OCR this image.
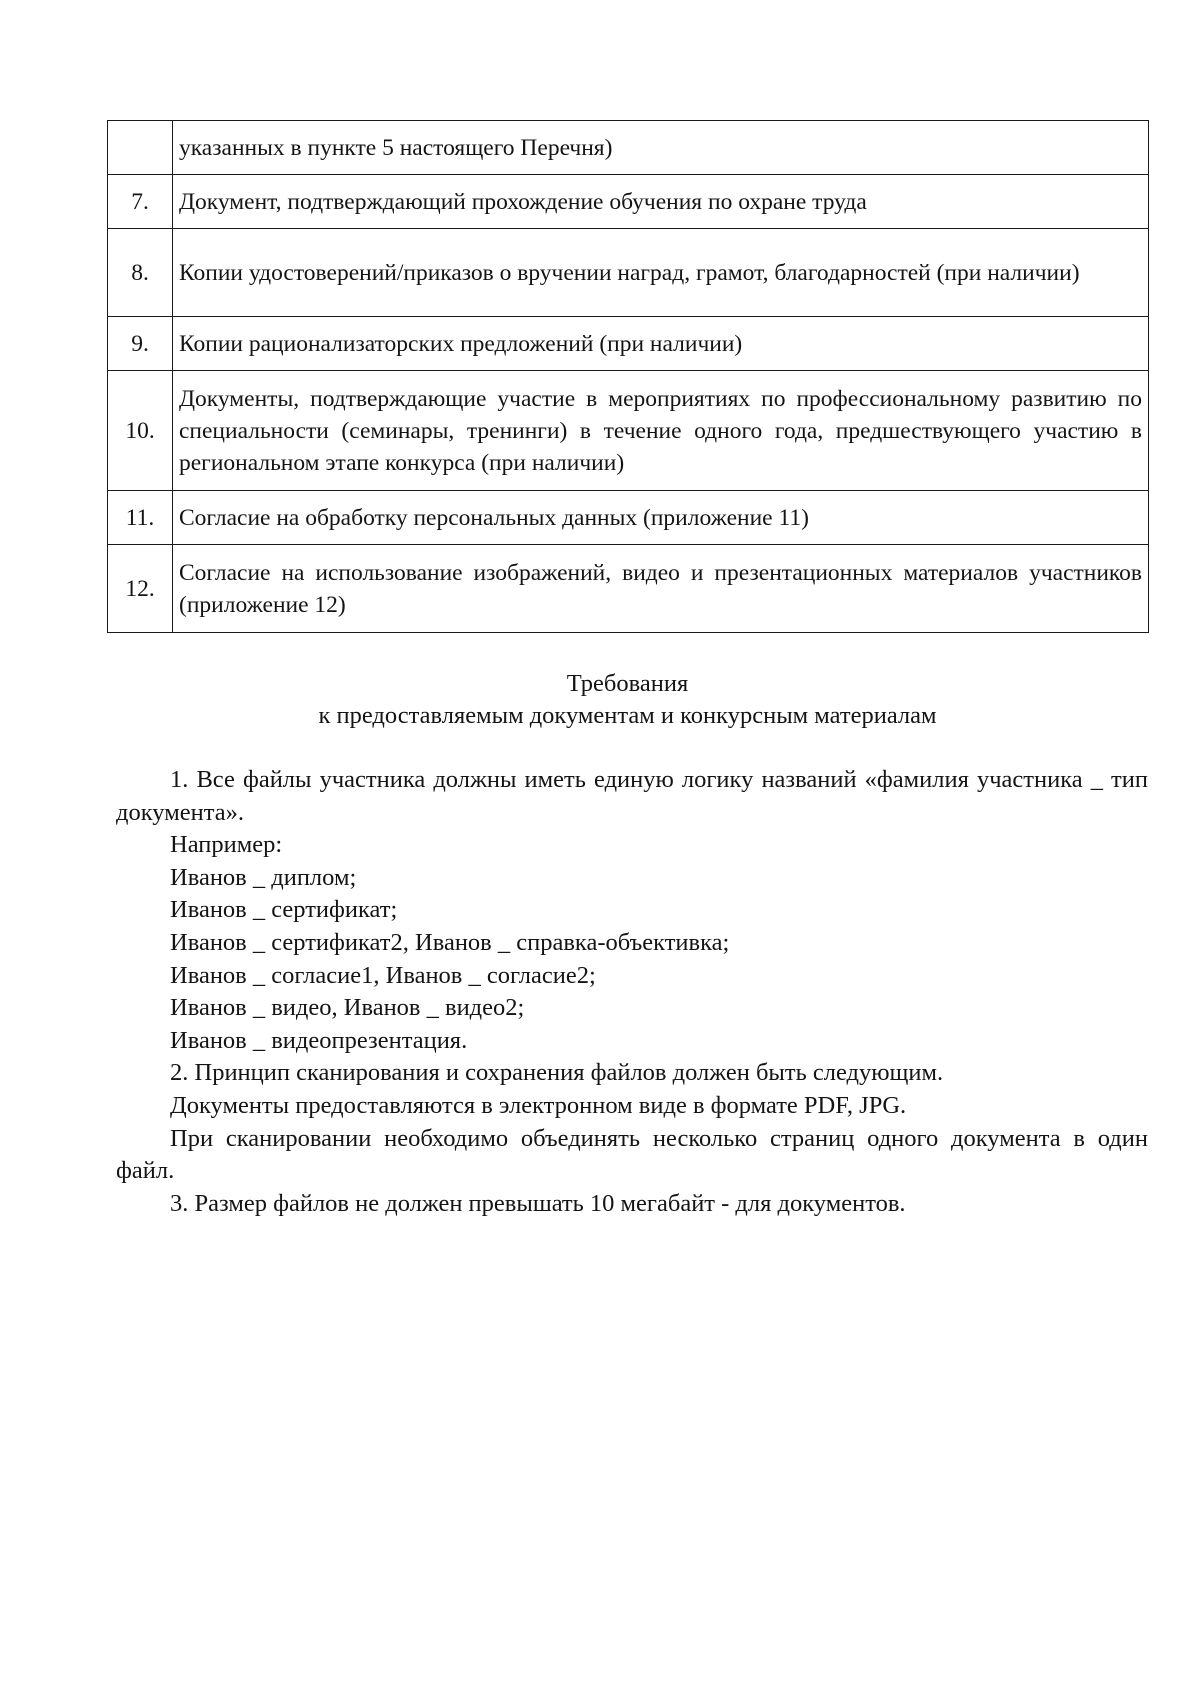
	указанных в пункте 5 настоящего Перечня)
7.	Документ, подтверждающий прохождение обучения по охране труда
8.	Копии удостоверений/приказов о вручении наград, грамот, благодарностей (при наличии)
9.	Копии рационализаторских предложений (при наличии)
10.	Документы, подтверждающие участие в мероприятиях по профессиональному развитию по специальности (семинары, тренинги) в течение одного года, предшествующего участию в региональном этапе конкурса (при наличии)
11.	Согласие на обработку персональных данных (приложение 11)
12.	Согласие на использование изображений, видео и презентационных материалов участников (приложение 12)
Требования
к предоставляемым документам и конкурсным материалам

1. Все файлы участника должны иметь единую логику названий «фамилия участника _ тип документа».

Например:

Иванов _ диплом;

Иванов _ сертификат;

Иванов _ сертификат2, Иванов _ справка-объективка;

Иванов _ согласие1, Иванов _ согласие2;

Иванов _ видео, Иванов _ видео2;

Иванов _ видеопрезентация.

2. Принцип сканирования и сохранения файлов должен быть следующим.

Документы предоставляются в электронном виде в формате PDF, JPG.

При сканировании необходимо объединять несколько страниц одного документа в один файл.

3. Размер файлов не должен превышать 10 мегабайт - для документов.
